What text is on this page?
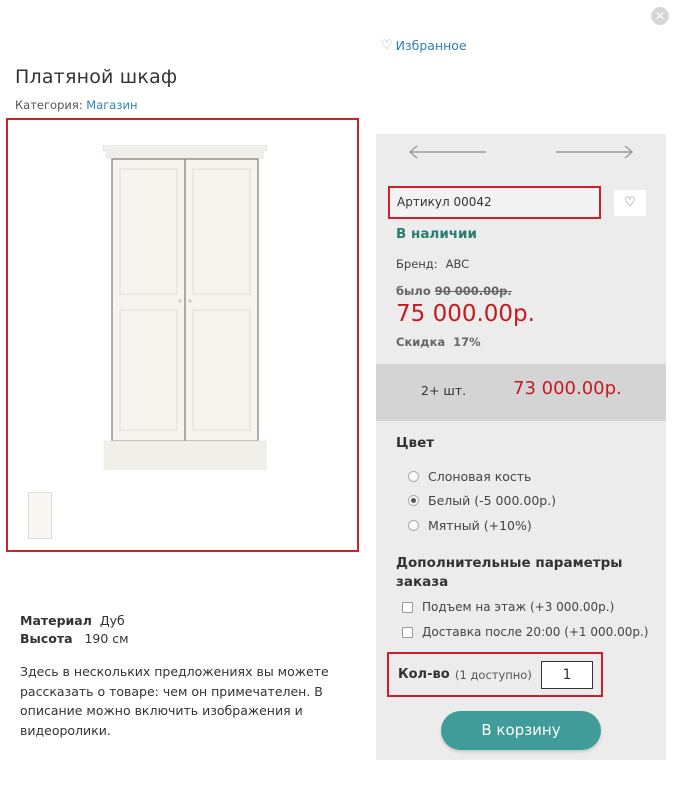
✕
♡ Избранное
Платяной шкаф
Категория: Магазин
Материал Дуб
Высота 190 см

Здесь в нескольких предложениях вы можете рассказать о товаре: чем он примечателен. В описание можно включить изображения и видеоролики.

Артикул 00042	♡
В наличии
Бренд: ABC
было 90 000.00р.
75 000.00р.
Скидка 17%
2+ шт.	73 000.00р.
Цвет
Слоновая кость
Белый (-5 000.00р.)
Мятный (+10%)
Дополнительные параметры заказа
Подъем на этаж (+3 000.00р.)
Доставка после 20:00 (+1 000.00р.)
Кол-во (1 доступно)
1
В корзину
